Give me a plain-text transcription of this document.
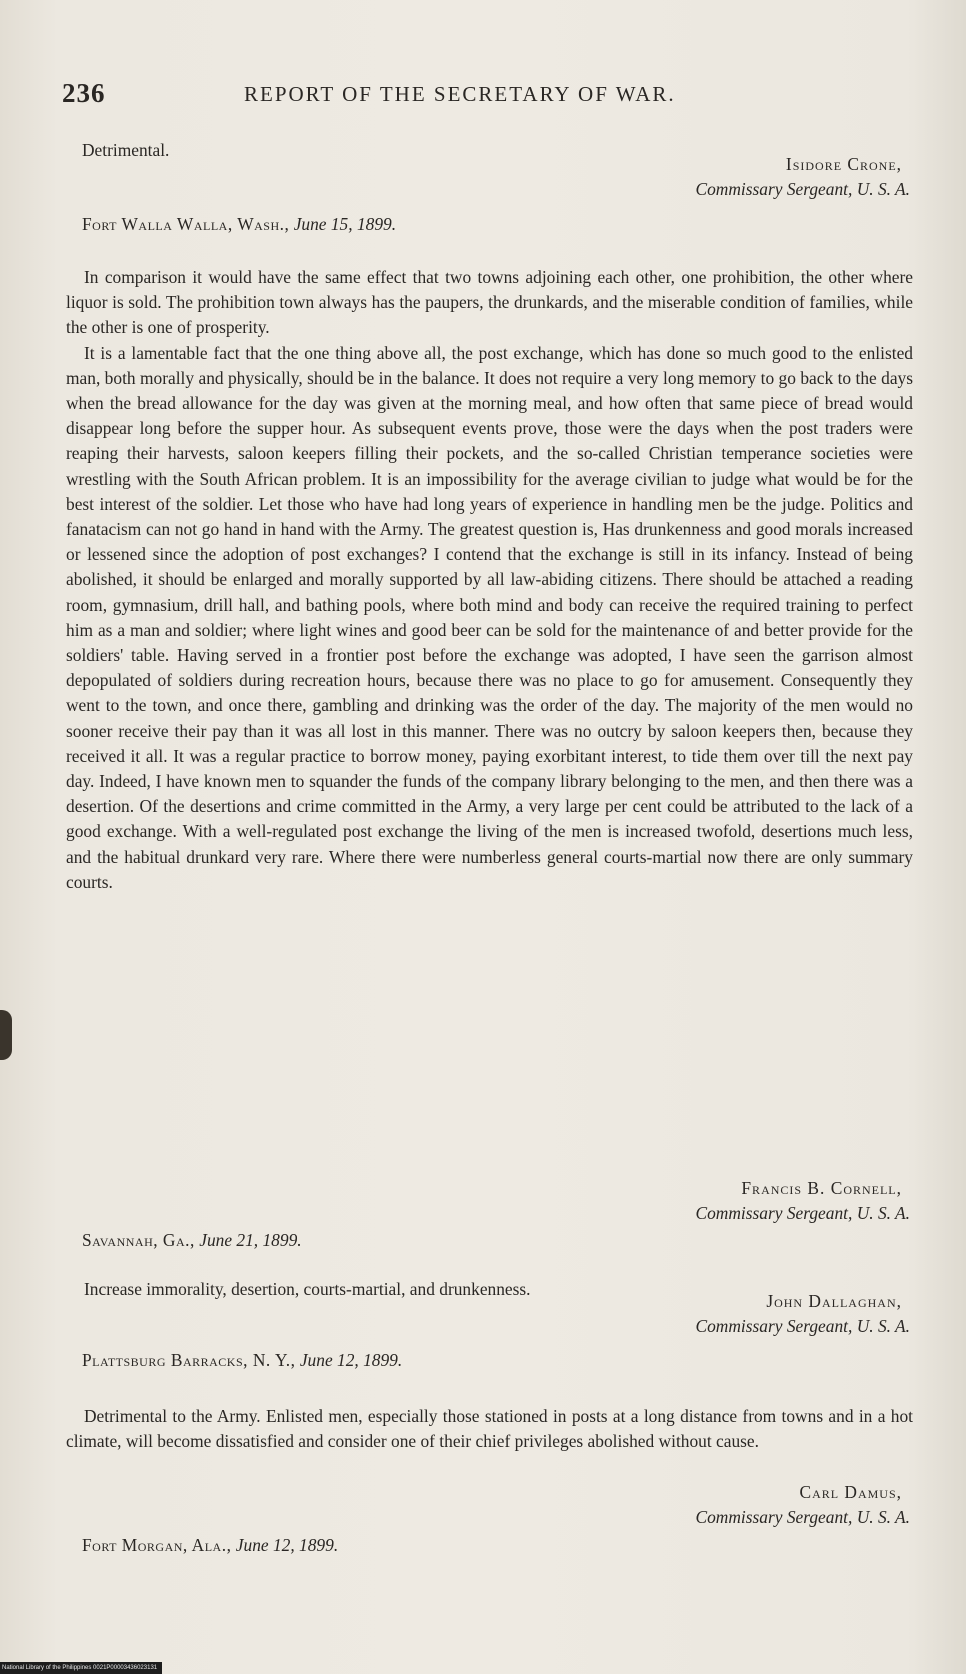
236	REPORT OF THE SECRETARY OF WAR.

Detrimental.

Isidore Crone,
Commissary Sergeant, U. S. A.
Fort Walla Walla, Wash., June 15, 1899.

In comparison it would have the same effect that two towns adjoining each other, one prohibition, the other where liquor is sold. The prohibition town always has the paupers, the drunkards, and the miserable condition of families, while the other is one of prosperity.

It is a lamentable fact that the one thing above all, the post exchange, which has done so much good to the enlisted man, both morally and physically, should be in the balance. It does not require a very long memory to go back to the days when the bread allowance for the day was given at the morning meal, and how often that same piece of bread would disappear long before the supper hour. As subsequent events prove, those were the days when the post traders were reaping their harvests, saloon keepers filling their pockets, and the so-called Christian temperance societies were wrestling with the South African problem. It is an impossibility for the average civilian to judge what would be for the best interest of the soldier. Let those who have had long years of experience in handling men be the judge. Politics and fanatacism can not go hand in hand with the Army. The greatest question is, Has drunkenness and good morals increased or lessened since the adoption of post exchanges? I contend that the exchange is still in its infancy. Instead of being abolished, it should be enlarged and morally supported by all law-abiding citizens. There should be attached a reading room, gymnasium, drill hall, and bathing pools, where both mind and body can receive the required training to perfect him as a man and soldier; where light wines and good beer can be sold for the maintenance of and better provide for the soldiers' table. Having served in a frontier post before the exchange was adopted, I have seen the garrison almost depopulated of soldiers during recreation hours, because there was no place to go for amusement. Consequently they went to the town, and once there, gambling and drinking was the order of the day. The majority of the men would no sooner receive their pay than it was all lost in this manner. There was no outcry by saloon keepers then, because they received it all. It was a regular practice to borrow money, paying exorbitant interest, to tide them over till the next pay day. Indeed, I have known men to squander the funds of the company library belonging to the men, and then there was a desertion. Of the desertions and crime committed in the Army, a very large per cent could be attributed to the lack of a good exchange. With a well-regulated post exchange the living of the men is increased twofold, desertions much less, and the habitual drunkard very rare. Where there were numberless general courts-martial now there are only summary courts.

Francis B. Cornell,
Commissary Sergeant, U. S. A.
Savannah, Ga., June 21, 1899.

Increase immorality, desertion, courts-martial, and drunkenness.

John Dallaghan,
Commissary Sergeant, U. S. A.
Plattsburg Barracks, N. Y., June 12, 1899.

Detrimental to the Army. Enlisted men, especially those stationed in posts at a long distance from towns and in a hot climate, will become dissatisfied and consider one of their chief privileges abolished without cause.

Carl Damus,
Commissary Sergeant, U. S. A.
Fort Morgan, Ala., June 12, 1899.
National Library of the Philippines 0021P00003436023131
